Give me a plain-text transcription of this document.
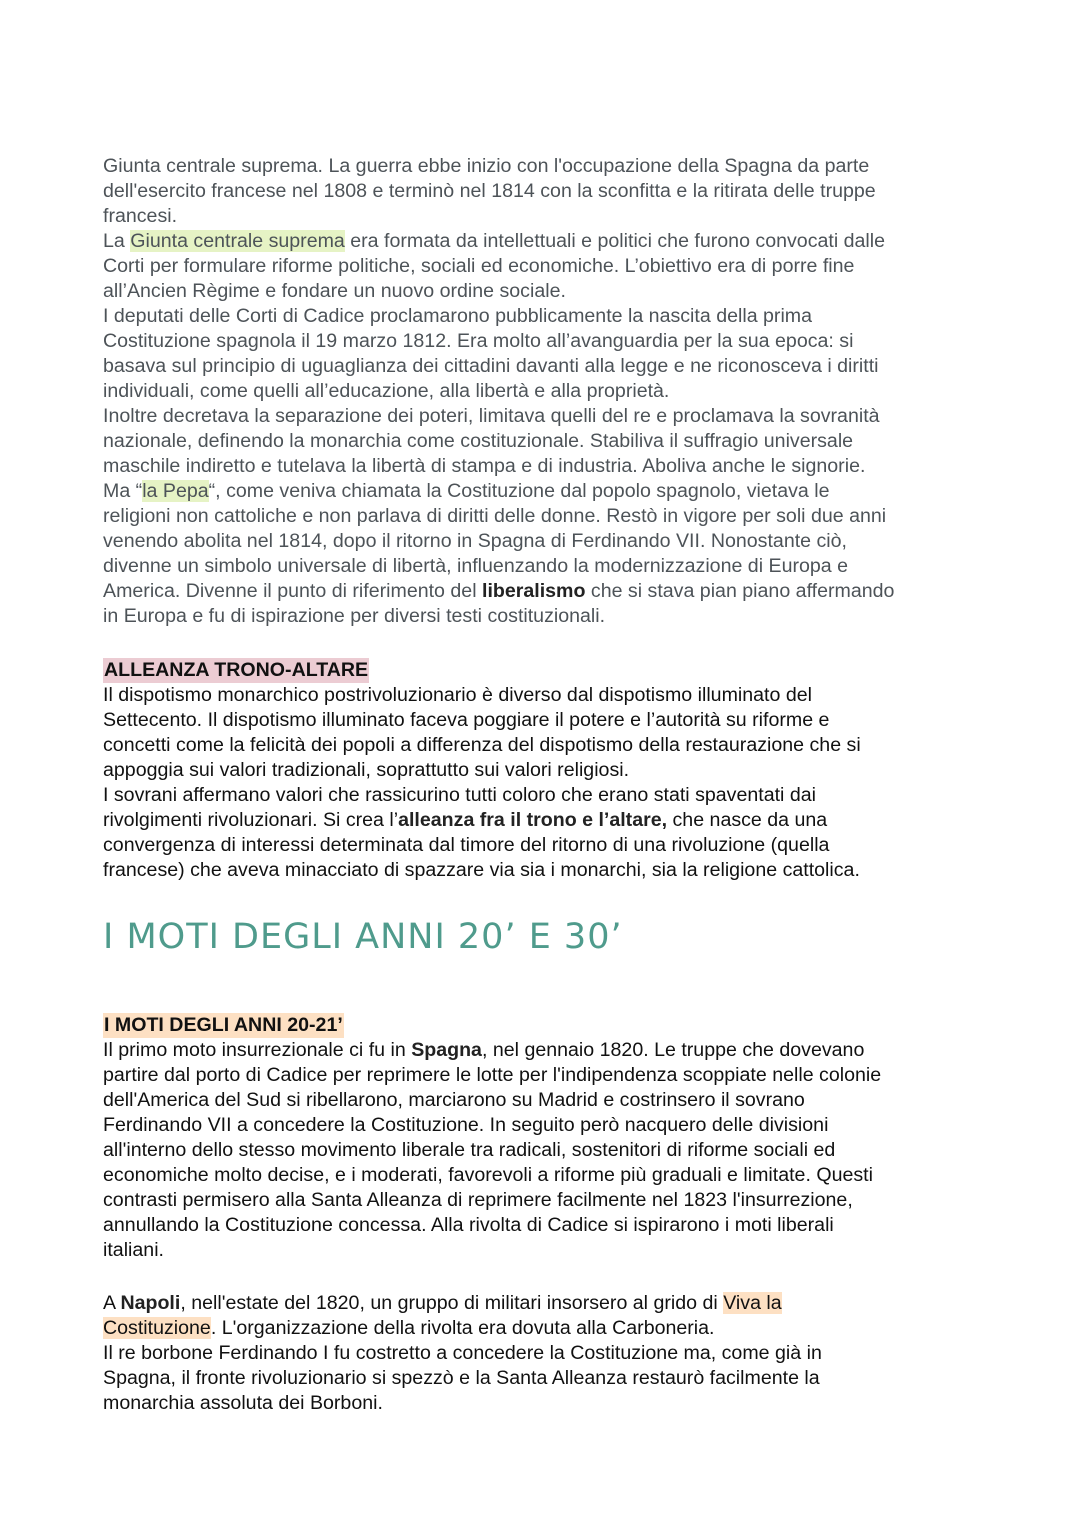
Giunta centrale suprema. La guerra ebbe inizio con l'occupazione della Spagna da parte
dell'esercito francese nel 1808 e terminò nel 1814 con la sconfitta e la ritirata delle truppe
francesi.
La Giunta centrale suprema era formata da intellettuali e politici che furono convocati dalle
Corti per formulare riforme politiche, sociali ed economiche. L’obiettivo era di porre fine
all’Ancien Règime e fondare un nuovo ordine sociale.
I deputati delle Corti di Cadice proclamarono pubblicamente la nascita della prima
Costituzione spagnola il 19 marzo 1812. Era molto all’avanguardia per la sua epoca: si
basava sul principio di uguaglianza dei cittadini davanti alla legge e ne riconosceva i diritti
individuali, come quelli all’educazione, alla libertà e alla proprietà.
Inoltre decretava la separazione dei poteri, limitava quelli del re e proclamava la sovranità
nazionale, definendo la monarchia come costituzionale. Stabiliva il suffragio universale
maschile indiretto e tutelava la libertà di stampa e di industria. Aboliva anche le signorie.
Ma “la Pepa“, come veniva chiamata la Costituzione dal popolo spagnolo, vietava le
religioni non cattoliche e non parlava di diritti delle donne. Restò in vigore per soli due anni
venendo abolita nel 1814, dopo il ritorno in Spagna di Ferdinando VII. Nonostante ciò,
divenne un simbolo universale di libertà, influenzando la modernizzazione di Europa e
America. Divenne il punto di riferimento del liberalismo che si stava pian piano affermando
in Europa e fu di ispirazione per diversi testi costituzionali.
ALLEANZA TRONO-ALTARE
Il dispotismo monarchico postrivoluzionario è diverso dal dispotismo illuminato del
Settecento. Il dispotismo illuminato faceva poggiare il potere e l’autorità su riforme e
concetti come la felicità dei popoli a differenza del dispotismo della restaurazione che si
appoggia sui valori tradizionali, soprattutto sui valori religiosi.
I sovrani affermano valori che rassicurino tutti coloro che erano stati spaventati dai
rivolgimenti rivoluzionari. Si crea l’alleanza fra il trono e l’altare, che nasce da una
convergenza di interessi determinata dal timore del ritorno di una rivoluzione (quella
francese) che aveva minacciato di spazzare via sia i monarchi, sia la religione cattolica.
I MOTI DEGLI ANNI 20’ E 30’
I MOTI DEGLI ANNI 20-21’
Il primo moto insurrezionale ci fu in Spagna, nel gennaio 1820. Le truppe che dovevano
partire dal porto di Cadice per reprimere le lotte per l'indipendenza scoppiate nelle colonie
dell'America del Sud si ribellarono, marciarono su Madrid e costrinsero il sovrano
Ferdinando VII a concedere la Costituzione. In seguito però nacquero delle divisioni
all'interno dello stesso movimento liberale tra radicali, sostenitori di riforme sociali ed
economiche molto decise, e i moderati, favorevoli a riforme più graduali e limitate. Questi
contrasti permisero alla Santa Alleanza di reprimere facilmente nel 1823 l'insurrezione,
annullando la Costituzione concessa. Alla rivolta di Cadice si ispirarono i moti liberali
italiani.
A Napoli, nell'estate del 1820, un gruppo di militari insorsero al grido di Viva la
Costituzione. L'organizzazione della rivolta era dovuta alla Carboneria.
Il re borbone Ferdinando I fu costretto a concedere la Costituzione ma, come già in
Spagna, il fronte rivoluzionario si spezzò e la Santa Alleanza restaurò facilmente la
monarchia assoluta dei Borboni.
